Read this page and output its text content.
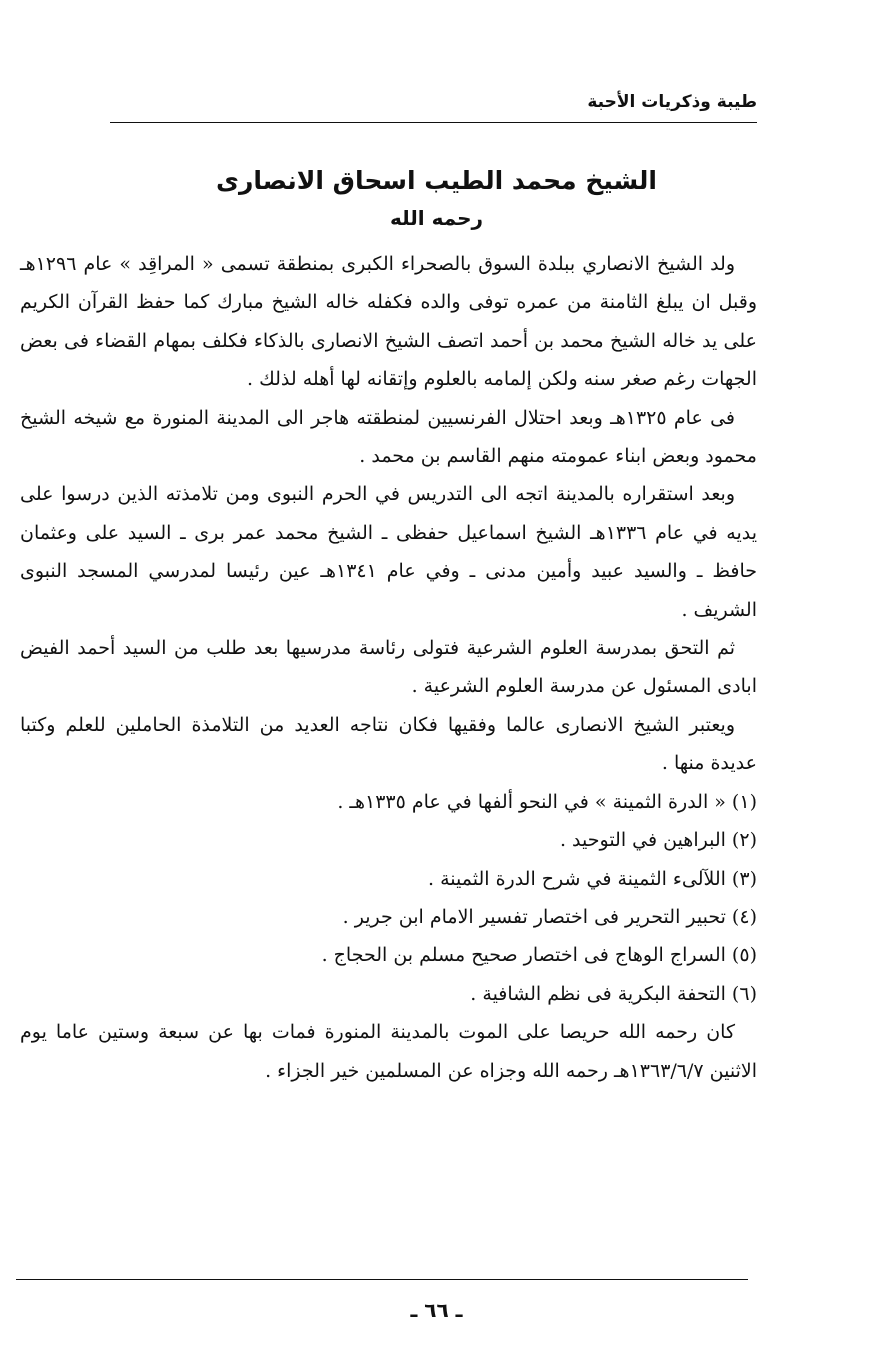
طيبة وذكريات الأحبة
الشيخ محمد الطيب اسحاق الانصارى
رحمه الله

ولد الشيخ الانصاري ببلدة السوق بالصحراء الكبرى بمنطقة تسمى « المراقِد » عام ١٢٩٦هـ وقبل ان يبلغ الثامنة من عمره توفى والده فكفله خاله الشيخ مبارك كما حفظ القرآن الكريم على يد خاله الشيخ محمد بن أحمد اتصف الشيخ الانصارى بالذكاء فكلف بمهام القضاء فى بعض الجهات رغم صغر سنه ولكن إلمامه بالعلوم وإتقانه لها أهله لذلك .

فى عام ١٣٢٥هـ وبعد احتلال الفرنسيين لمنطقته هاجر الى المدينة المنورة مع شيخه الشيخ محمود وبعض ابناء عمومته منهم القاسم بن محمد .

وبعد استقراره بالمدينة اتجه الى التدريس في الحرم النبوى ومن تلامذته الذين درسوا على يديه في عام ١٣٣٦هـ الشيخ اسماعيل حفظى ـ الشيخ محمد عمر برى ـ السيد على وعثمان حافظ ـ والسيد عبيد وأمين مدنى ـ وفي عام ١٣٤١هـ عين رئيسا لمدرسي المسجد النبوى الشريف .

ثم التحق بمدرسة العلوم الشرعية فتولى رئاسة مدرسيها بعد طلب من السيد أحمد الفيض ابادى المسئول عن مدرسة العلوم الشرعية .

ويعتبر الشيخ الانصارى عالما وفقيها فكان نتاجه العديد من التلامذة الحاملين للعلم وكتبا عديدة منها .

(١) « الدرة الثمينة » في النحو ألفها في عام ١٣٣٥هـ .

(٢) البراهين في التوحيد .

(٣) اللآلىء الثمينة في شرح الدرة الثمينة .

(٤) تحبير التحرير فى اختصار تفسير الامام ابن جرير .

(٥) السراج الوهاج فى اختصار صحيح مسلم بن الحجاج .

(٦) التحفة البكرية فى نظم الشافية .

كان رحمه الله حريصا على الموت بالمدينة المنورة فمات بها عن سبعة وستين عاما يوم الاثنين ١٣٦٣/٦/٧هـ رحمه الله وجزاه عن المسلمين خير الجزاء .

ـ ٦٦ ـ
